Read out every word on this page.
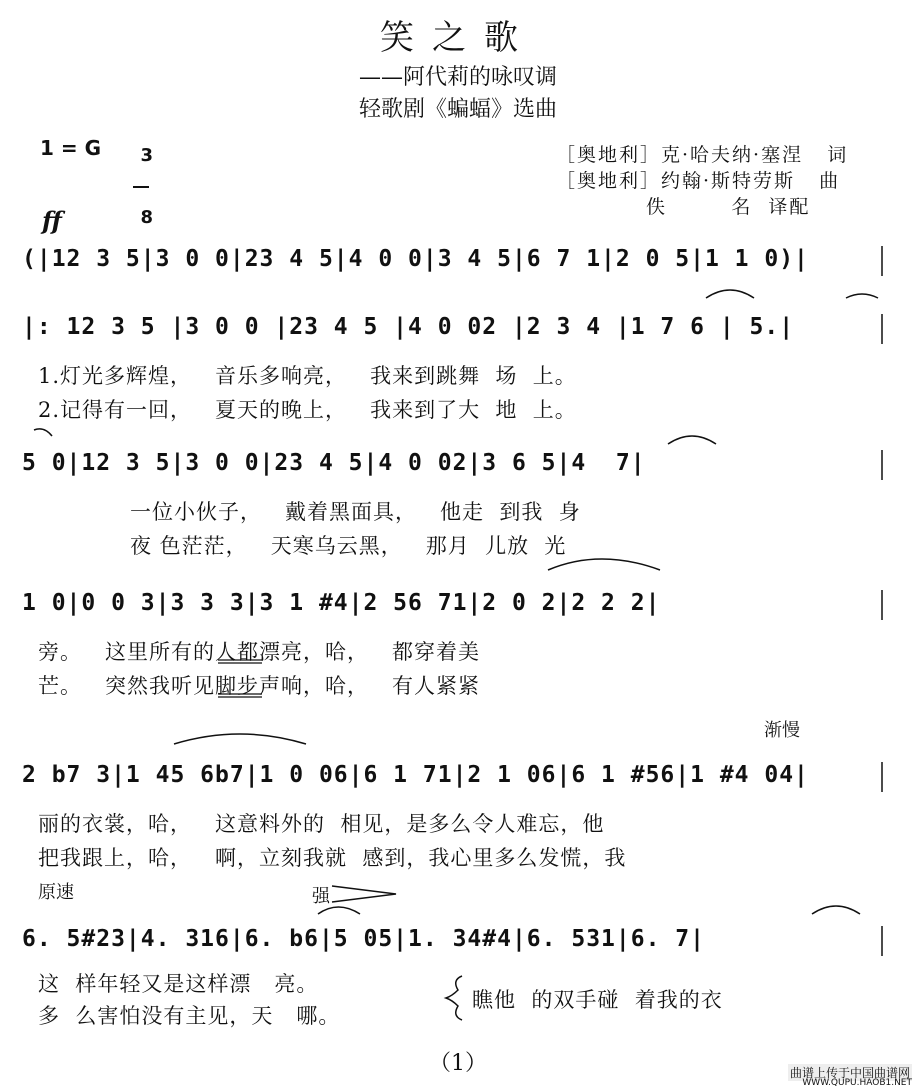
笑之歌
——阿代莉的咏叹调
轻歌剧《蝙蝠》选曲
1 = G	3

8

［奥地利］克·哈夫纳·塞涅   词
［奥地利］约翰·斯特劳斯   曲
佚        名  译配
ff
(|12 3 5|3 0 0|23 4 5|4 0 0|3 4 5|6 7 1|2 0 5|1 1 0)|
|: 12 3 5 |3 0 0 |23 4 5 |4 0 02 |2 3 4 |1 7 6 | 5.|
1.灯光多辉煌，   音乐多响亮，   我来到跳舞  场  上。
2.记得有一回，   夏天的晚上，   我来到了大  地  上。
5 0|12 3 5|3 0 0|23 4 5|4 0 02|3 6 5|4  7|
一位小伙子，   戴着黑面具，   他走  到我  身
夜 色茫茫，   天寒乌云黑，   那月  儿放  光
1 0|0 0 3|3 3 3|3 1 #4|2 56 71|2 0 2|2 2 2|
旁。   这里所有的人都漂亮，哈，   都穿着美
芒。   突然我听见脚步声响，哈，   有人紧紧
渐慢
2 b7 3|1 45 6b7|1 0 06|6 1 71|2 1 06|6 1 #56|1 #4 04|
丽的衣裳，哈，   这意料外的  相见，是多么令人难忘，他
把我跟上，哈，   啊，立刻我就  感到，我心里多么发慌，我
原速	强
6. 5#23|4. 316|6. b6|5 05|1. 34#4|6. 531|6. 7|
这  样年轻又是这样漂   亮。
多  么害怕没有主见，天   哪。
瞧他  的双手碰  着我的衣
（1）	曲谱上传于中国曲谱网
WWW.QUPU.HAOB1.NET
